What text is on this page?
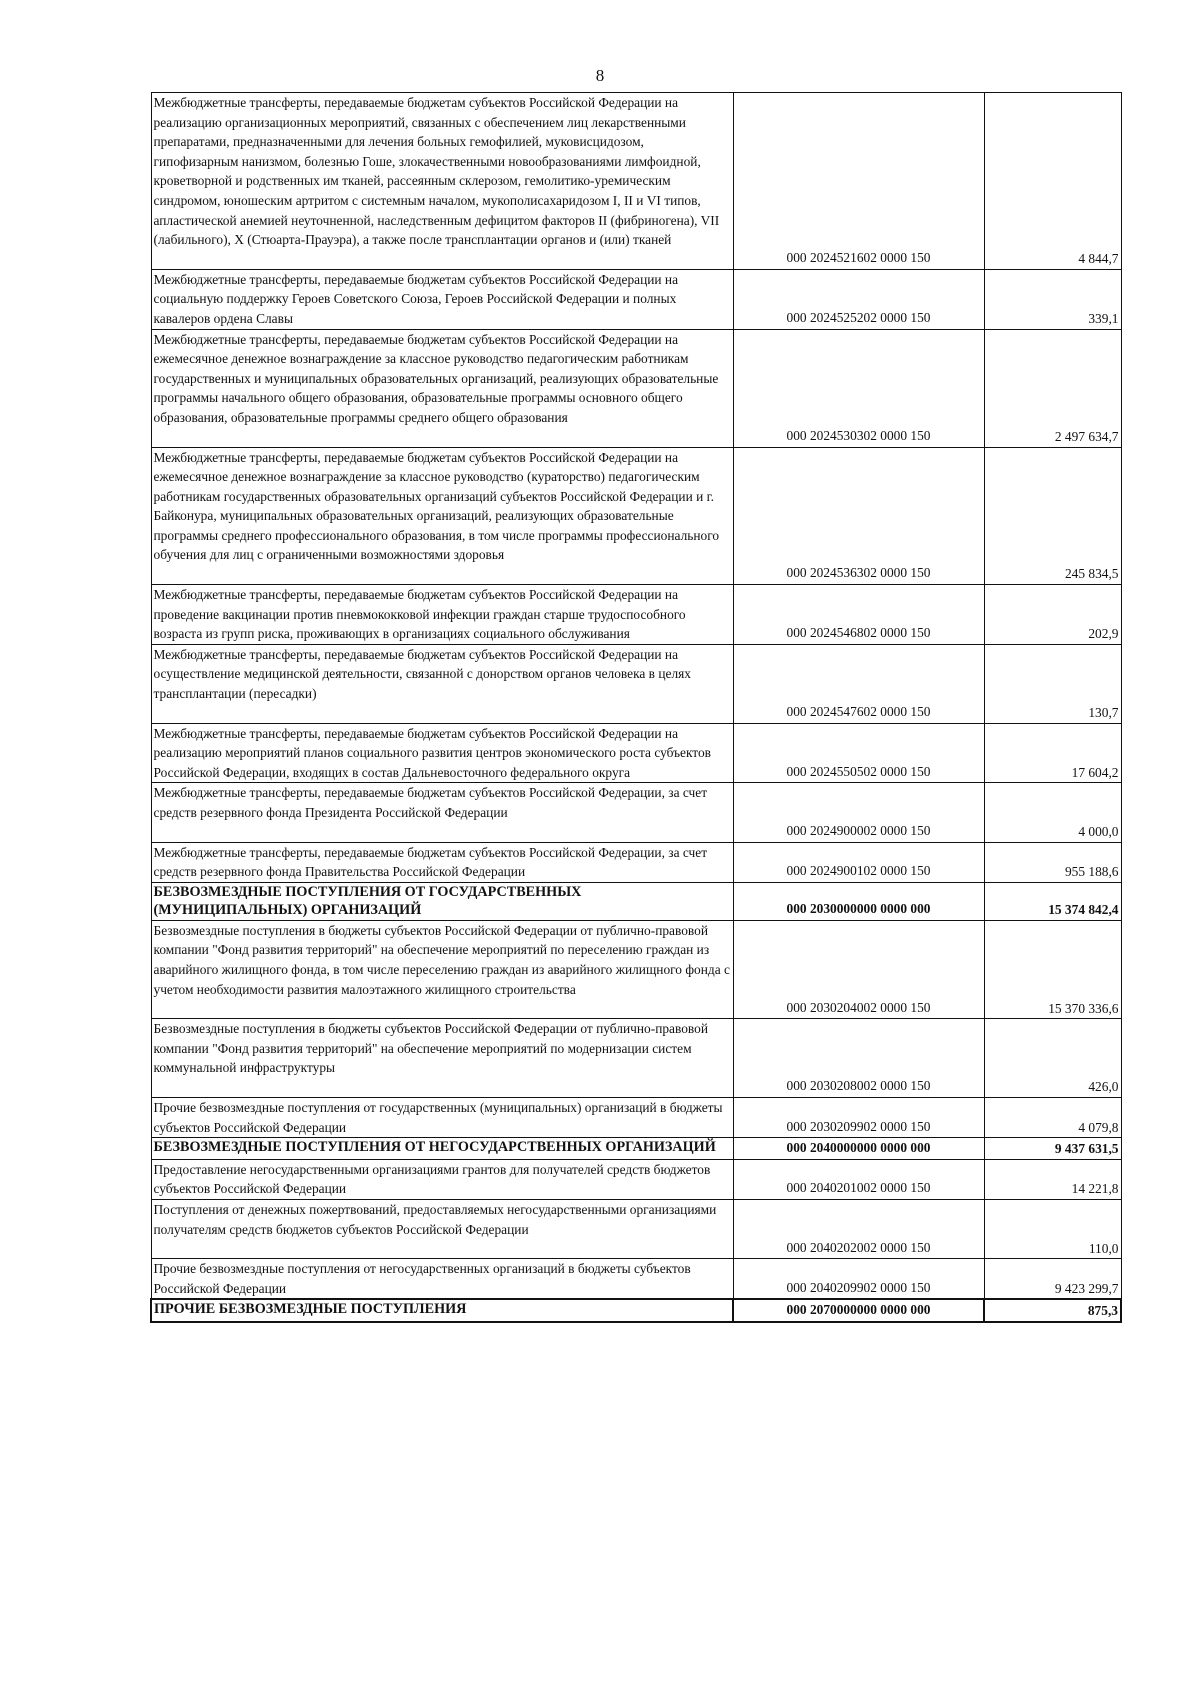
8
Межбюджетные трансферты, передаваемые бюджетам субъектов Российской Федерации на реализацию организационных мероприятий, связанных с обеспечением лиц лекарственными препаратами, предназначенными для лечения больных гемофилией, муковисцидозом, гипофизарным нанизмом, болезнью Гоше, злокачественными новообразованиями лимфоидной, кроветворной и родственных им тканей, рассеянным склерозом, гемолитико-уремическим синдромом, юношеским артритом с системным началом, мукополисахаридозом I, II и VI типов, апластической анемией неуточненной, наследственным дефицитом факторов II (фибриногена), VII (лабильного), X (Стюарта-Прауэра), а также после трансплантации органов и (или) тканей	000 2024521602 0000 150	4 844,7
Межбюджетные трансферты, передаваемые бюджетам субъектов Российской Федерации на социальную поддержку Героев Советского Союза, Героев Российской Федерации и полных кавалеров ордена Славы	000 2024525202 0000 150	339,1
Межбюджетные трансферты, передаваемые бюджетам субъектов Российской Федерации на ежемесячное денежное вознаграждение за классное руководство педагогическим работникам государственных и муниципальных образовательных организаций, реализующих образовательные программы начального общего образования, образовательные программы основного общего образования, образовательные программы среднего общего образования	000 2024530302 0000 150	2 497 634,7
Межбюджетные трансферты, передаваемые бюджетам субъектов Российской Федерации на ежемесячное денежное вознаграждение за классное руководство (кураторство) педагогическим работникам государственных образовательных организаций субъектов Российской Федерации и г. Байконура, муниципальных образовательных организаций, реализующих образовательные программы среднего профессионального образования, в том числе программы профессионального обучения для лиц с ограниченными возможностями здоровья	000 2024536302 0000 150	245 834,5
Межбюджетные трансферты, передаваемые бюджетам субъектов Российской Федерации на проведение вакцинации против пневмококковой инфекции граждан старше трудоспособного возраста из групп риска, проживающих в организациях социального обслуживания	000 2024546802 0000 150	202,9
Межбюджетные трансферты, передаваемые бюджетам субъектов Российской Федерации на осуществление медицинской деятельности, связанной с донорством органов человека в целях трансплантации (пересадки)	000 2024547602 0000 150	130,7
Межбюджетные трансферты, передаваемые бюджетам субъектов Российской Федерации на реализацию мероприятий планов социального развития центров экономического роста субъектов Российской Федерации, входящих в состав Дальневосточного федерального округа	000 2024550502 0000 150	17 604,2
Межбюджетные трансферты, передаваемые бюджетам субъектов Российской Федерации, за счет средств резервного фонда Президента Российской Федерации	000 2024900002 0000 150	4 000,0
Межбюджетные трансферты, передаваемые бюджетам субъектов Российской Федерации, за счет средств резервного фонда Правительства Российской Федерации	000 2024900102 0000 150	955 188,6
БЕЗВОЗМЕЗДНЫЕ ПОСТУПЛЕНИЯ ОТ ГОСУДАРСТВЕННЫХ (МУНИЦИПАЛЬНЫХ) ОРГАНИЗАЦИЙ	000 2030000000 0000 000	15 374 842,4
Безвозмездные поступления в бюджеты субъектов Российской Федерации от публично-правовой компании "Фонд развития территорий" на обеспечение мероприятий по переселению граждан из аварийного жилищного фонда, в том числе переселению граждан из аварийного жилищного фонда с учетом необходимости развития малоэтажного жилищного строительства	000 2030204002 0000 150	15 370 336,6
Безвозмездные поступления в бюджеты субъектов Российской Федерации от публично-правовой компании "Фонд развития территорий" на обеспечение мероприятий по модернизации систем коммунальной инфраструктуры	000 2030208002 0000 150	426,0
Прочие безвозмездные поступления от государственных (муниципальных) организаций в бюджеты субъектов Российской Федерации	000 2030209902 0000 150	4 079,8
БЕЗВОЗМЕЗДНЫЕ ПОСТУПЛЕНИЯ ОТ НЕГОСУДАРСТВЕННЫХ ОРГАНИЗАЦИЙ	000 2040000000 0000 000	9 437 631,5
Предоставление негосударственными организациями грантов для получателей средств бюджетов субъектов Российской Федерации	000 2040201002 0000 150	14 221,8
Поступления от денежных пожертвований, предоставляемых негосударственными организациями получателям средств бюджетов субъектов Российской Федерации	000 2040202002 0000 150	110,0
Прочие безвозмездные поступления от негосударственных организаций в бюджеты субъектов Российской Федерации	000 2040209902 0000 150	9 423 299,7
ПРОЧИЕ БЕЗВОЗМЕЗДНЫЕ ПОСТУПЛЕНИЯ	000 2070000000 0000 000	875,3
